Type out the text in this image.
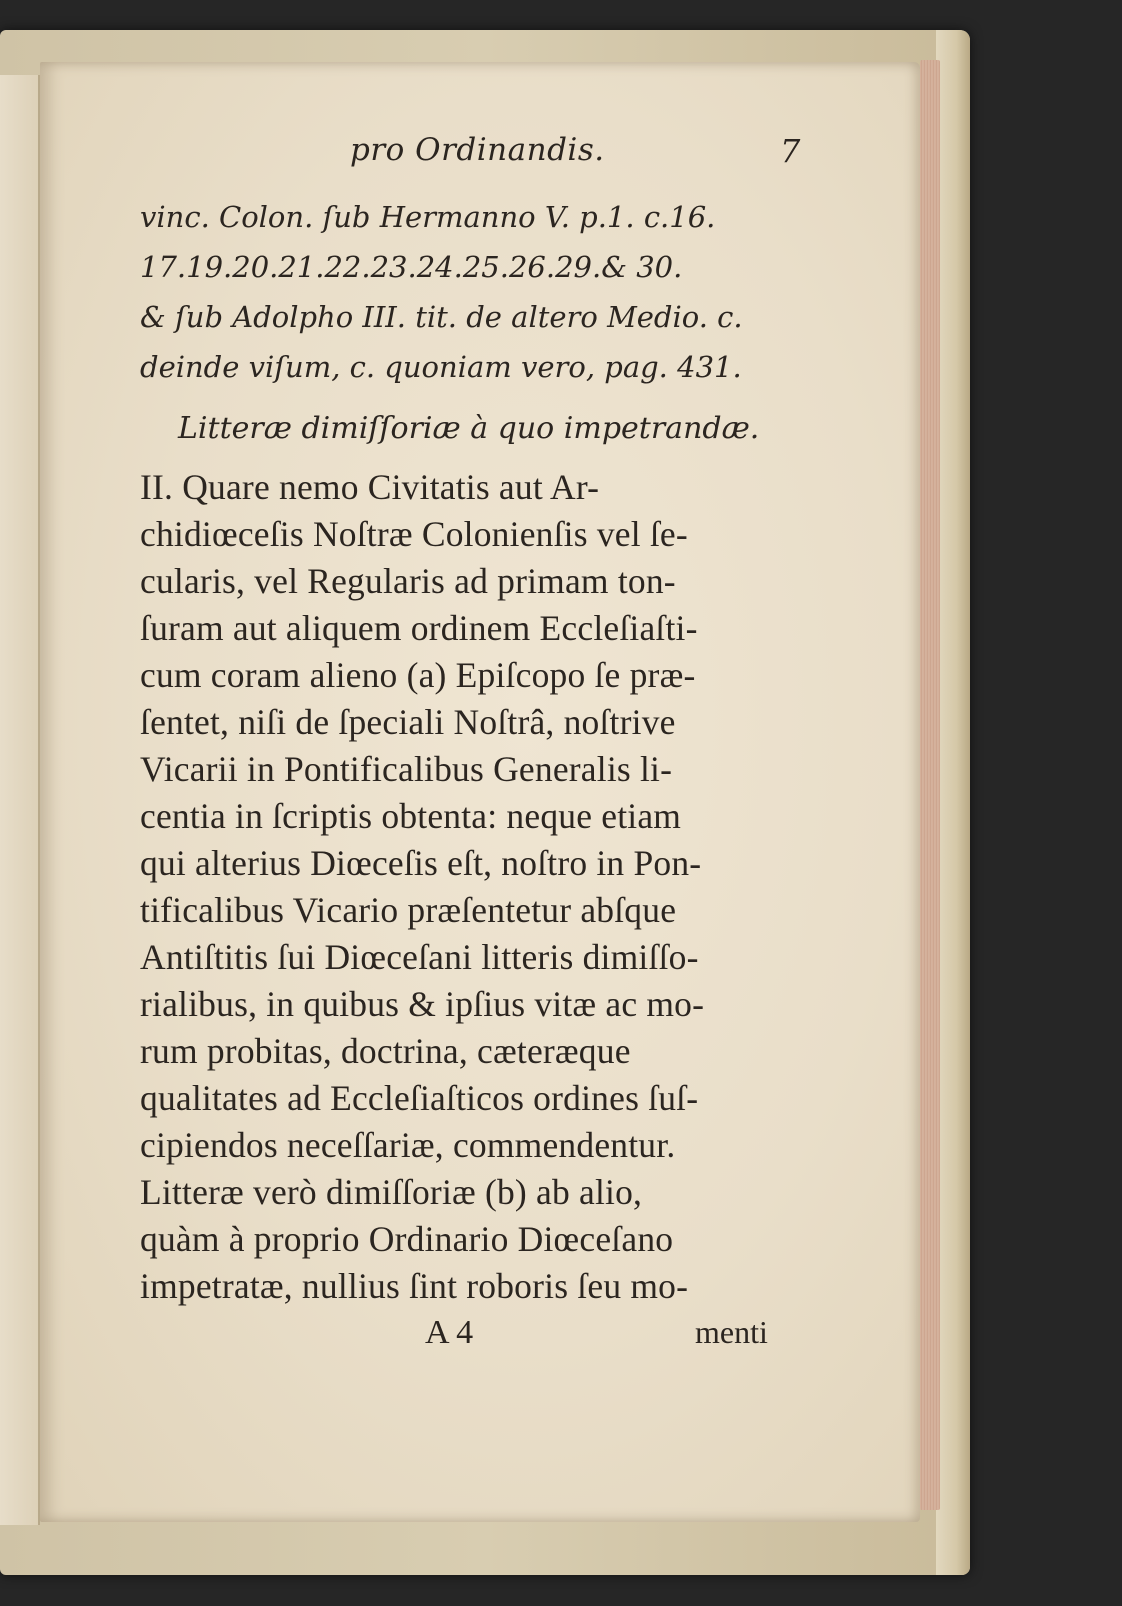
pro Ordinandis.	7

vinc. Colon. ſub Hermanno V. p.1. c.16.
17.19.20.21.22.23.24.25.26.29.& 30.
& ſub Adolpho III. tit. de altero Medio. c.
deinde viſum, c. quoniam vero, pag. 431.

Litteræ dimiſſoriæ à quo impetrandæ.

II. Quare nemo Civitatis aut Ar-
chidiœceſis Noſtræ Colonienſis vel ſe-
cularis, vel Regularis ad primam ton-
ſuram aut aliquem ordinem Eccleſiaſti-
cum coram alieno (a) Epiſcopo ſe præ-
ſentet, niſi de ſpeciali Noſtrâ, noſtrive
Vicarii in Pontificalibus Generalis li-
centia in ſcriptis obtenta: neque etiam
qui alterius Diœceſis eſt, noſtro in Pon-
tificalibus Vicario præſentetur abſque
Antiſtitis ſui Diœceſani litteris dimiſſo-
rialibus, in quibus & ipſius vitæ ac mo-
rum probitas, doctrina, cæteræque
qualitates ad Eccleſiaſticos ordines ſuſ-
cipiendos neceſſariæ, commendentur.
Litteræ verò dimiſſoriæ (b) ab alio,
quàm à proprio Ordinario Diœceſano
impetratæ, nullius ſint roboris ſeu mo-

A 4	menti
